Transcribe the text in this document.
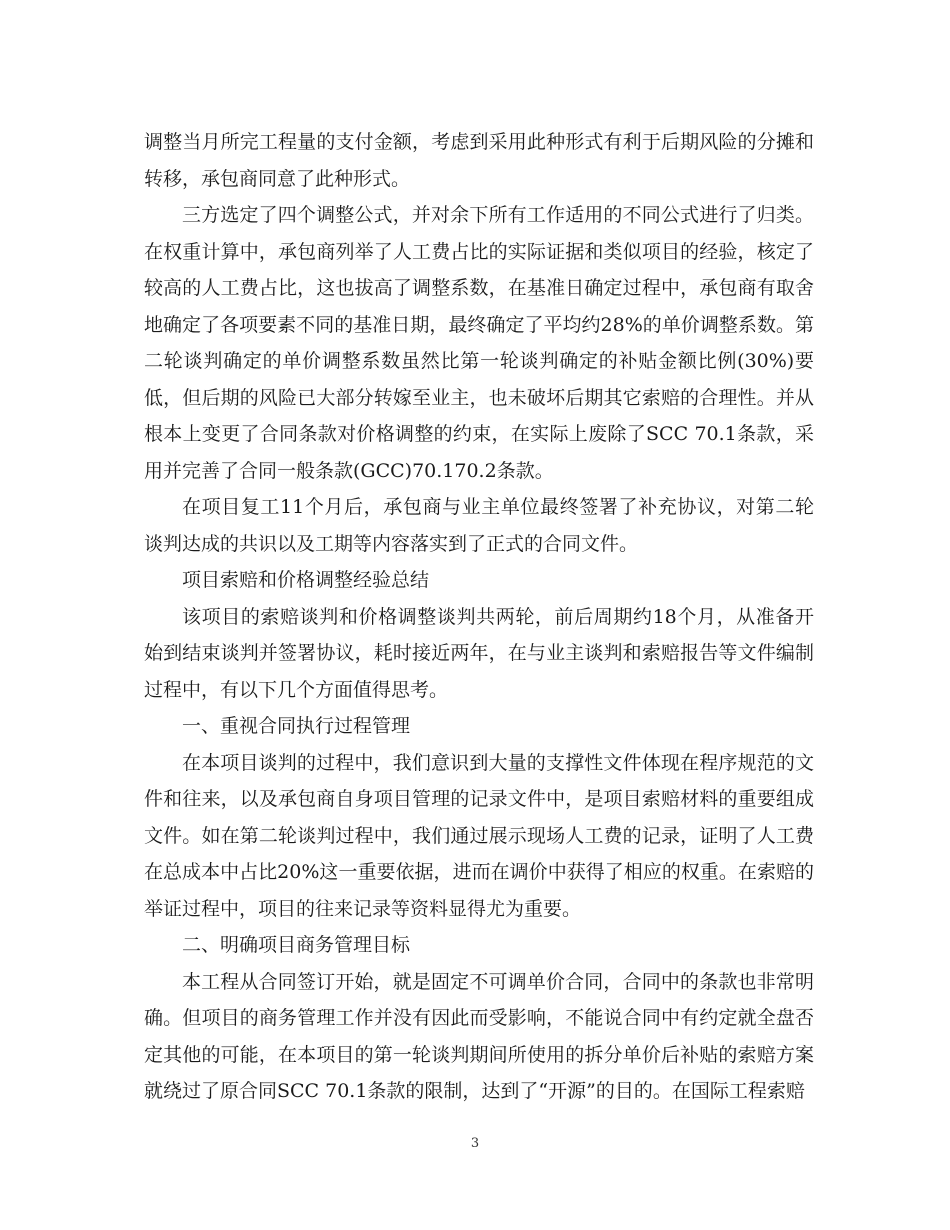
调整当月所完工程量的支付金额，考虑到采用此种形式有利于后期风险的分摊和转移，承包商同意了此种形式。

三方选定了四个调整公式，并对余下所有工作适用的不同公式进行了归类。在权重计算中，承包商列举了人工费占比的实际证据和类似项目的经验，核定了较高的人工费占比，这也拔高了调整系数，在基准日确定过程中，承包商有取舍地确定了各项要素不同的基准日期，最终确定了平均约28%的单价调整系数。第二轮谈判确定的单价调整系数虽然比第一轮谈判确定的补贴金额比例(30%)要低，但后期的风险已大部分转嫁至业主，也未破坏后期其它索赔的合理性。并从根本上变更了合同条款对价格调整的约束，在实际上废除了SCC 70.1条款，采用并完善了合同一般条款(GCC)70.170.2条款。

在项目复工11个月后，承包商与业主单位最终签署了补充协议，对第二轮谈判达成的共识以及工期等内容落实到了正式的合同文件。

项目索赔和价格调整经验总结

该项目的索赔谈判和价格调整谈判共两轮，前后周期约18个月，从准备开始到结束谈判并签署协议，耗时接近两年，在与业主谈判和索赔报告等文件编制过程中，有以下几个方面值得思考。

一、重视合同执行过程管理

在本项目谈判的过程中，我们意识到大量的支撑性文件体现在程序规范的文件和往来，以及承包商自身项目管理的记录文件中，是项目索赔材料的重要组成文件。如在第二轮谈判过程中，我们通过展示现场人工费的记录，证明了人工费在总成本中占比20%这一重要依据，进而在调价中获得了相应的权重。在索赔的举证过程中，项目的往来记录等资料显得尤为重要。

二、明确项目商务管理目标

本工程从合同签订开始，就是固定不可调单价合同，合同中的条款也非常明确。但项目的商务管理工作并没有因此而受影响，不能说合同中有约定就全盘否定其他的可能，在本项目的第一轮谈判期间所使用的拆分单价后补贴的索赔方案就绕过了原合同SCC 70.1条款的限制，达到了“开源”的目的。在国际工程索赔

3
